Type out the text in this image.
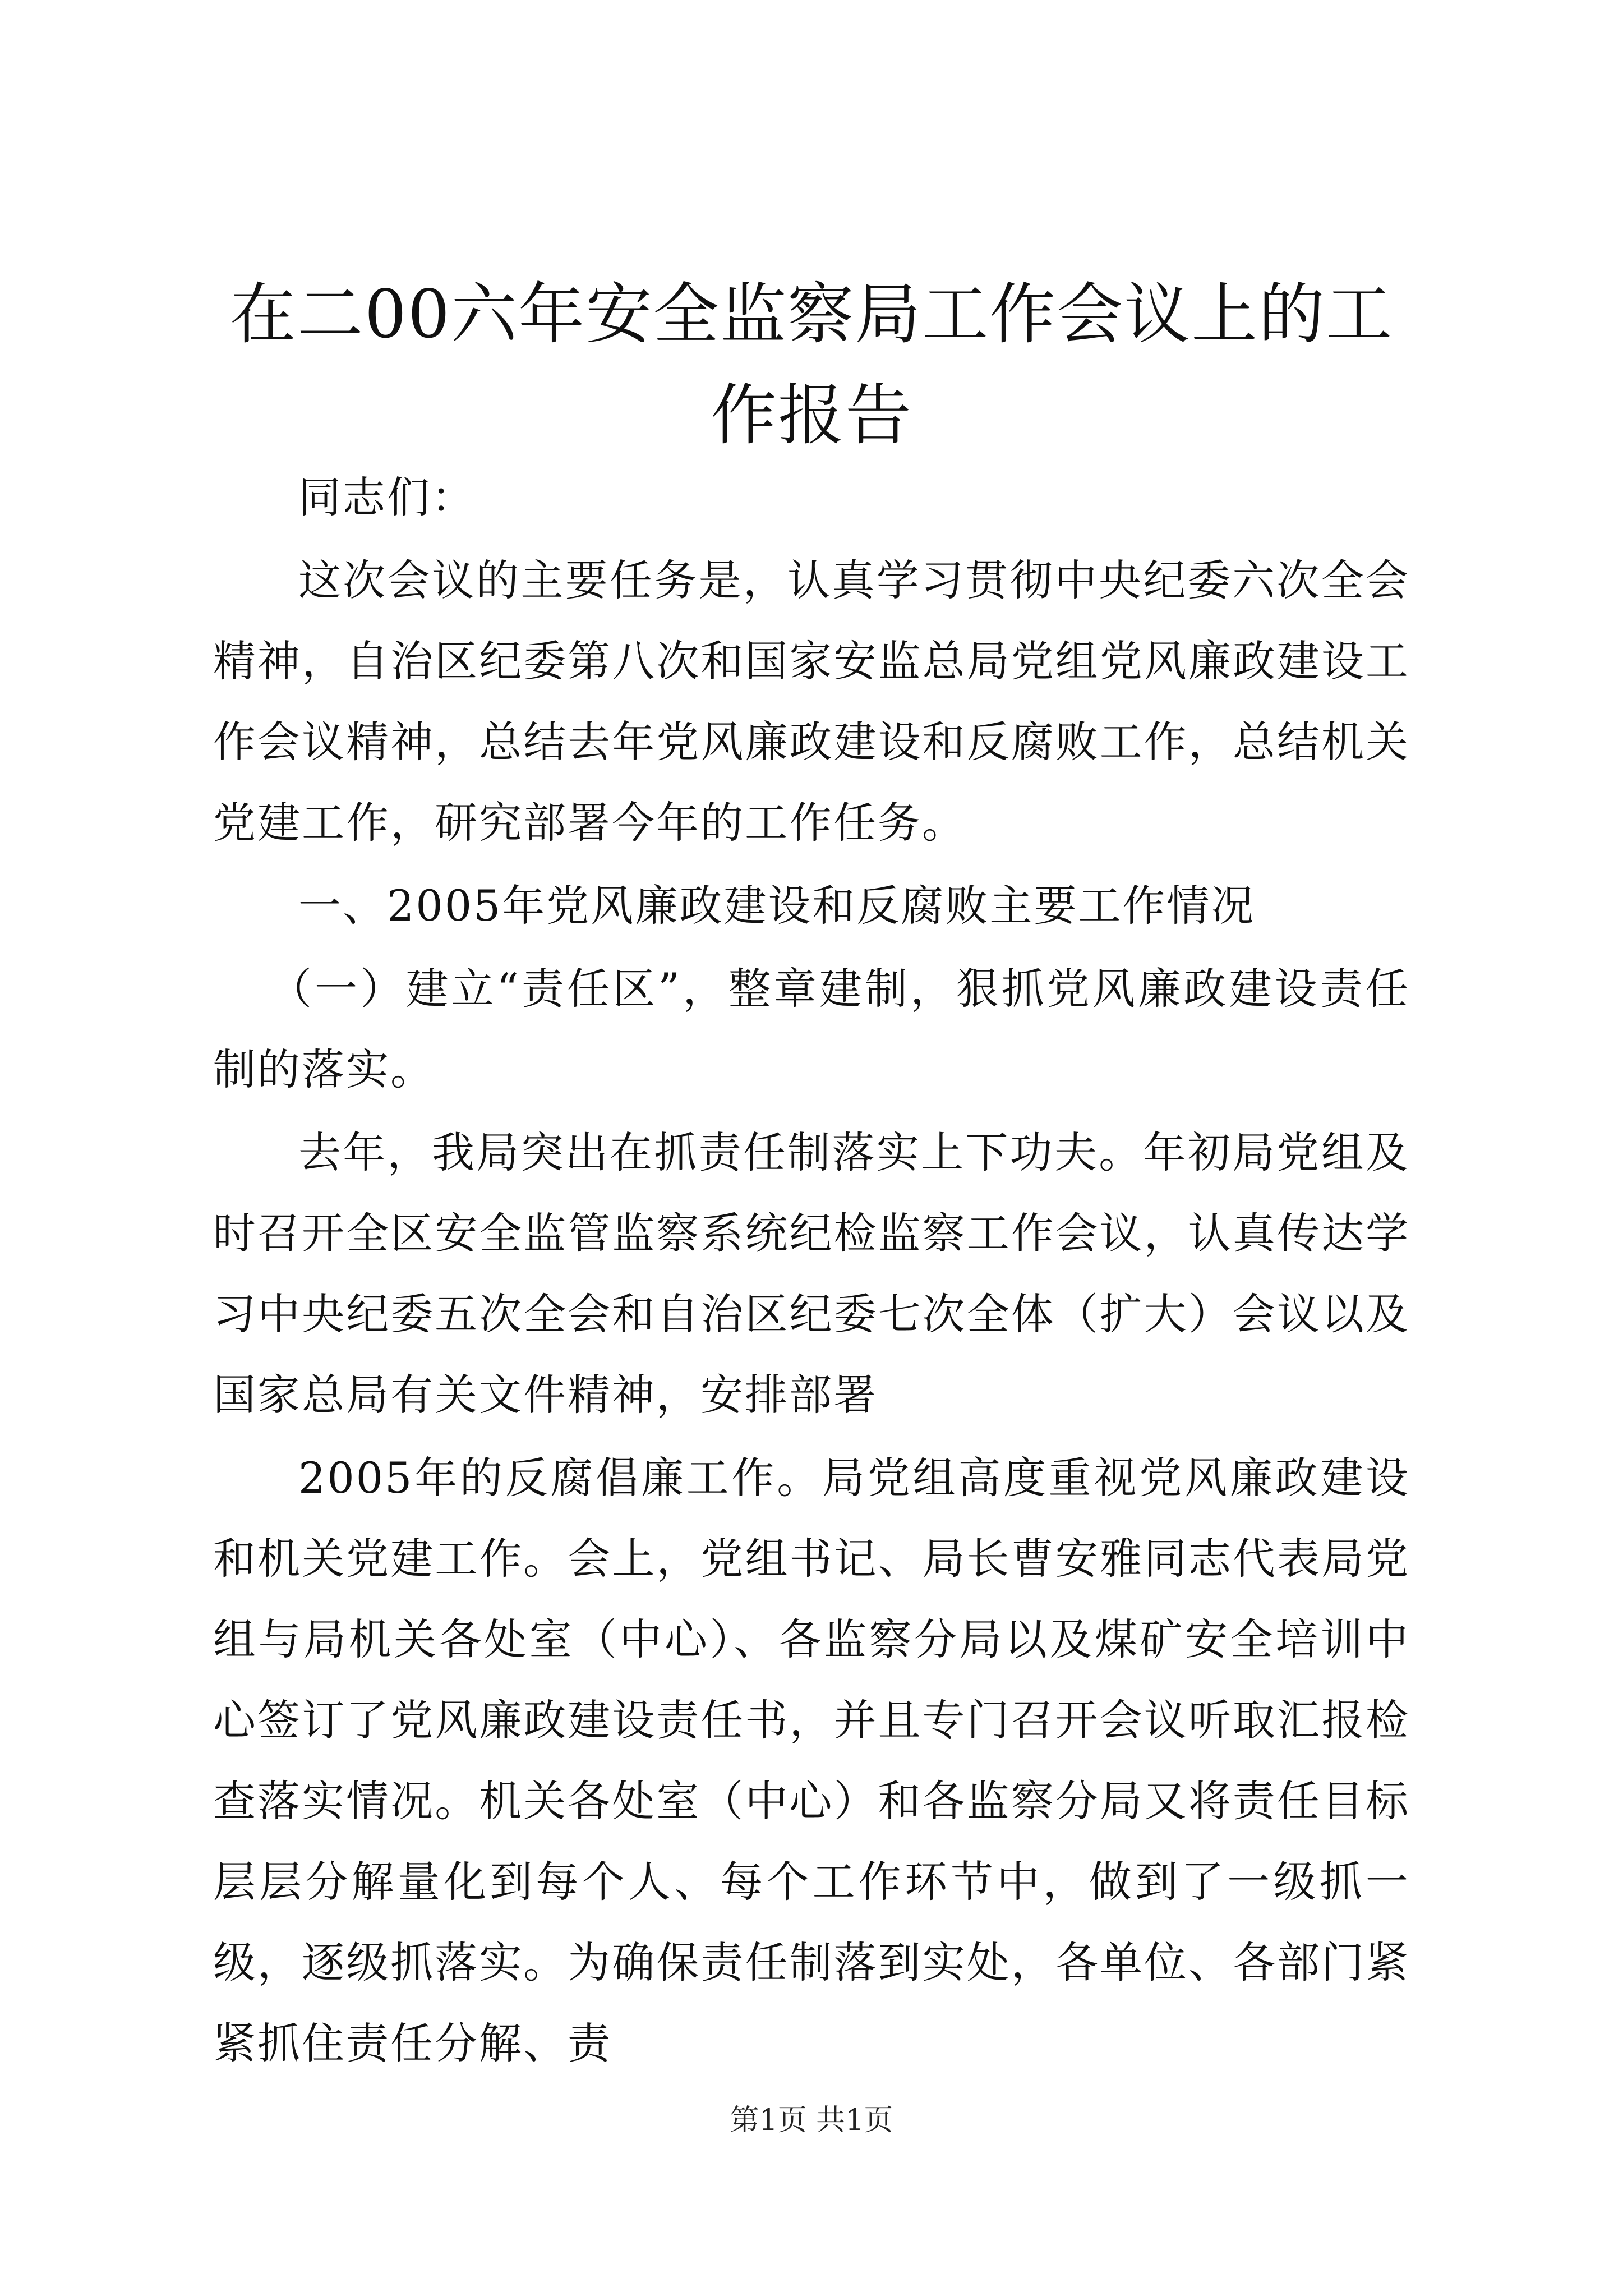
在二00六年安全监察局工作会议上的工作报告

同志们：

这次会议的主要任务是，认真学习贯彻中央纪委六次全会精神，自治区纪委第八次和国家安监总局党组党风廉政建设工作会议精神，总结去年党风廉政建设和反腐败工作，总结机关党建工作，研究部署今年的工作任务。

一、2005年党风廉政建设和反腐败主要工作情况

（一）建立“责任区”，整章建制，狠抓党风廉政建设责任制的落实。

去年，我局突出在抓责任制落实上下功夫。年初局党组及时召开全区安全监管监察系统纪检监察工作会议，认真传达学习中央纪委五次全会和自治区纪委七次全体（扩大）会议以及国家总局有关文件精神，安排部署

2005年的反腐倡廉工作。局党组高度重视党风廉政建设和机关党建工作。会上，党组书记、局长曹安雅同志代表局党组与局机关各处室（中心）、各监察分局以及煤矿安全培训中心签订了党风廉政建设责任书，并且专门召开会议听取汇报检查落实情况。机关各处室（中心）和各监察分局又将责任目标层层分解量化到每个人、每个工作环节中，做到了一级抓一级，逐级抓落实。为确保责任制落到实处，各单位、各部门紧紧抓住责任分解、责

第1页 共1页
